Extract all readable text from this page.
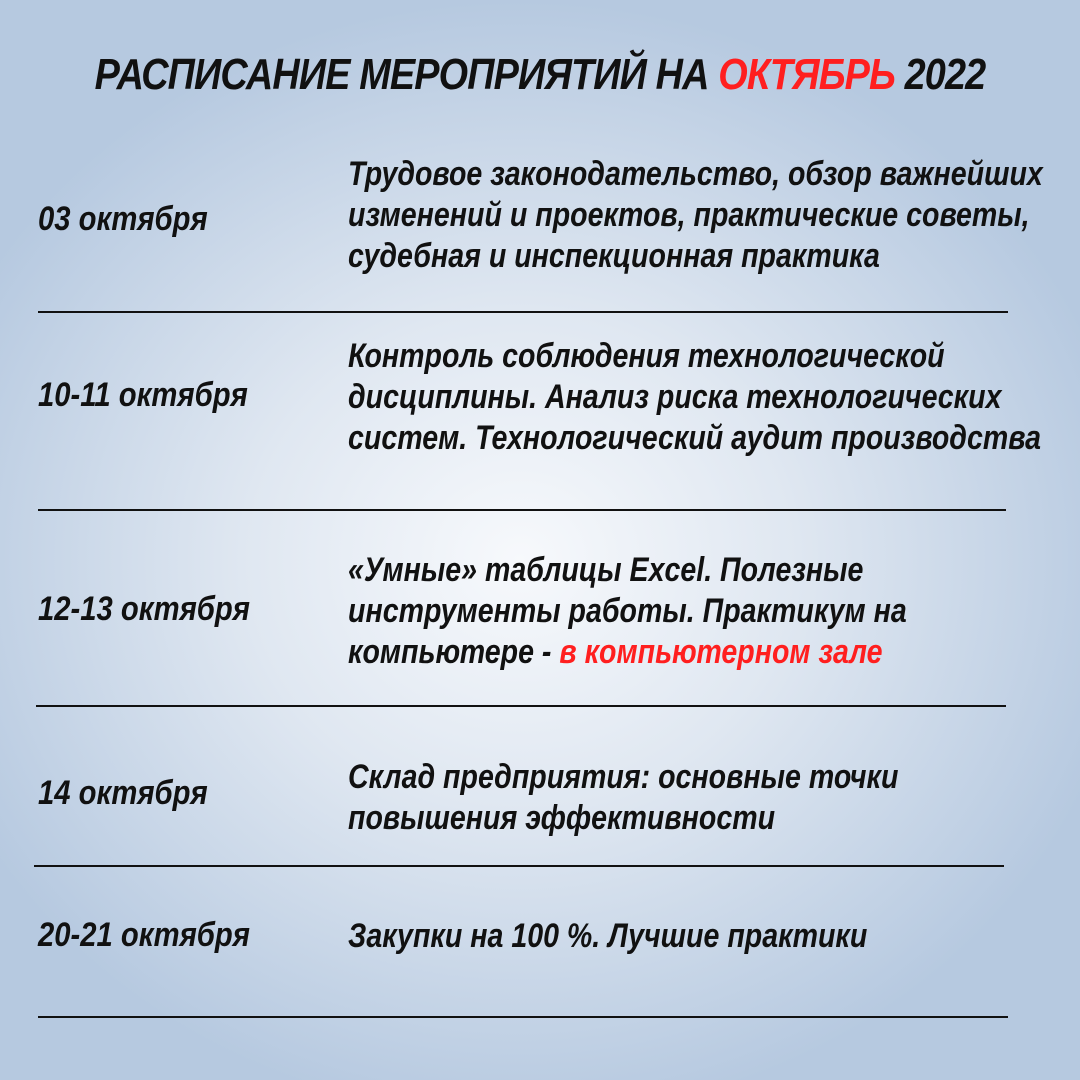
РАСПИСАНИЕ МЕРОПРИЯТИЙ НА ОКТЯБРЬ 2022
03 октября
Трудовое законодательство, обзор важнейших
изменений и проектов, практические советы,
судебная и инспекционная практика
10-11 октября
Контроль соблюдения технологической
дисциплины. Анализ риска технологических
систем. Технологический аудит производства
12-13 октября
«Умные» таблицы Excel. Полезные
инструменты работы. Практикум на
компьютере - в компьютерном зале
14 октября	Склад предприятия: основные точки
повышения эффективности
20-21 октября	Закупки на 100 %. Лучшие практики
